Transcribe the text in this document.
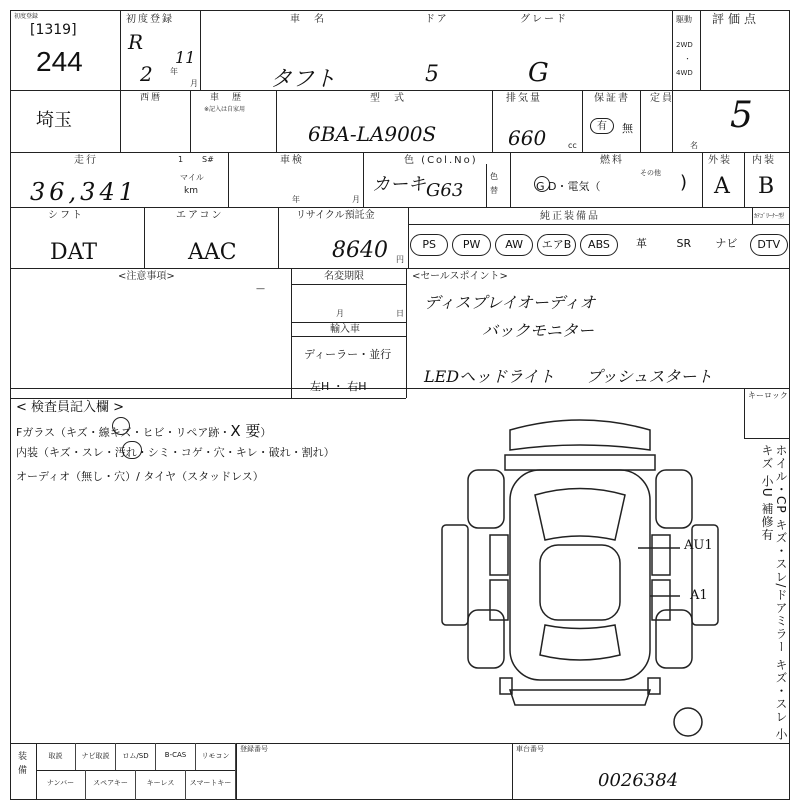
初度登録
[1319]
244
初度登録
R
11
2 年
月
車　名
タフト
ドア
5
グレード
G
駆動
2WD
・
4WD
評価点
5
埼玉
西暦	車　歴
※記入は自家用
型　式
6BA-LA900S
排気量
660	cc
保証書
有	無
定員
名
走行	1 S#
36,341
マイル
km
車検
年	月
色 (Col.No)
カーキ G63
色替
燃料
G D・電気（
その他 )
外装
A
内装
B
シフト
DAT
エアコン
AAC
リサイクル預託金
8640 円
純正装備品	ｶﾃｺﾞﾘｰﾅｰ型
PS	PW	AW	エアB	ABS	革	SR	ナビ	DTV
<注意事項>
—
名変期限
月	日
輸入車
ディーラー・並行
左H ・ 右H
<セールスポイント>
ディスプレイオーディオ
バックモニター
LEDヘッドライト プッシュスタート
< 検査員記入欄 >
Fガラス（キズ・線キズ・ヒビ・リペア跡・X 要）
内装（キズ・スレ・汚れ・シミ・コゲ・穴・キレ・破れ・割れ）
オーディオ（無し・穴）/ タイヤ（スタッドレス）
キーロック
ホイル・CP キズ・スレ/ドアミラー キズ・スレ 小キズ 小U 補修有
AU1
A1
装備
取説	ナビ取説	ロム/SD	B-CAS	リモコン
ナンバー	スペアキー	キーレス	スマートキー
登録番号	車台番号
0026384
